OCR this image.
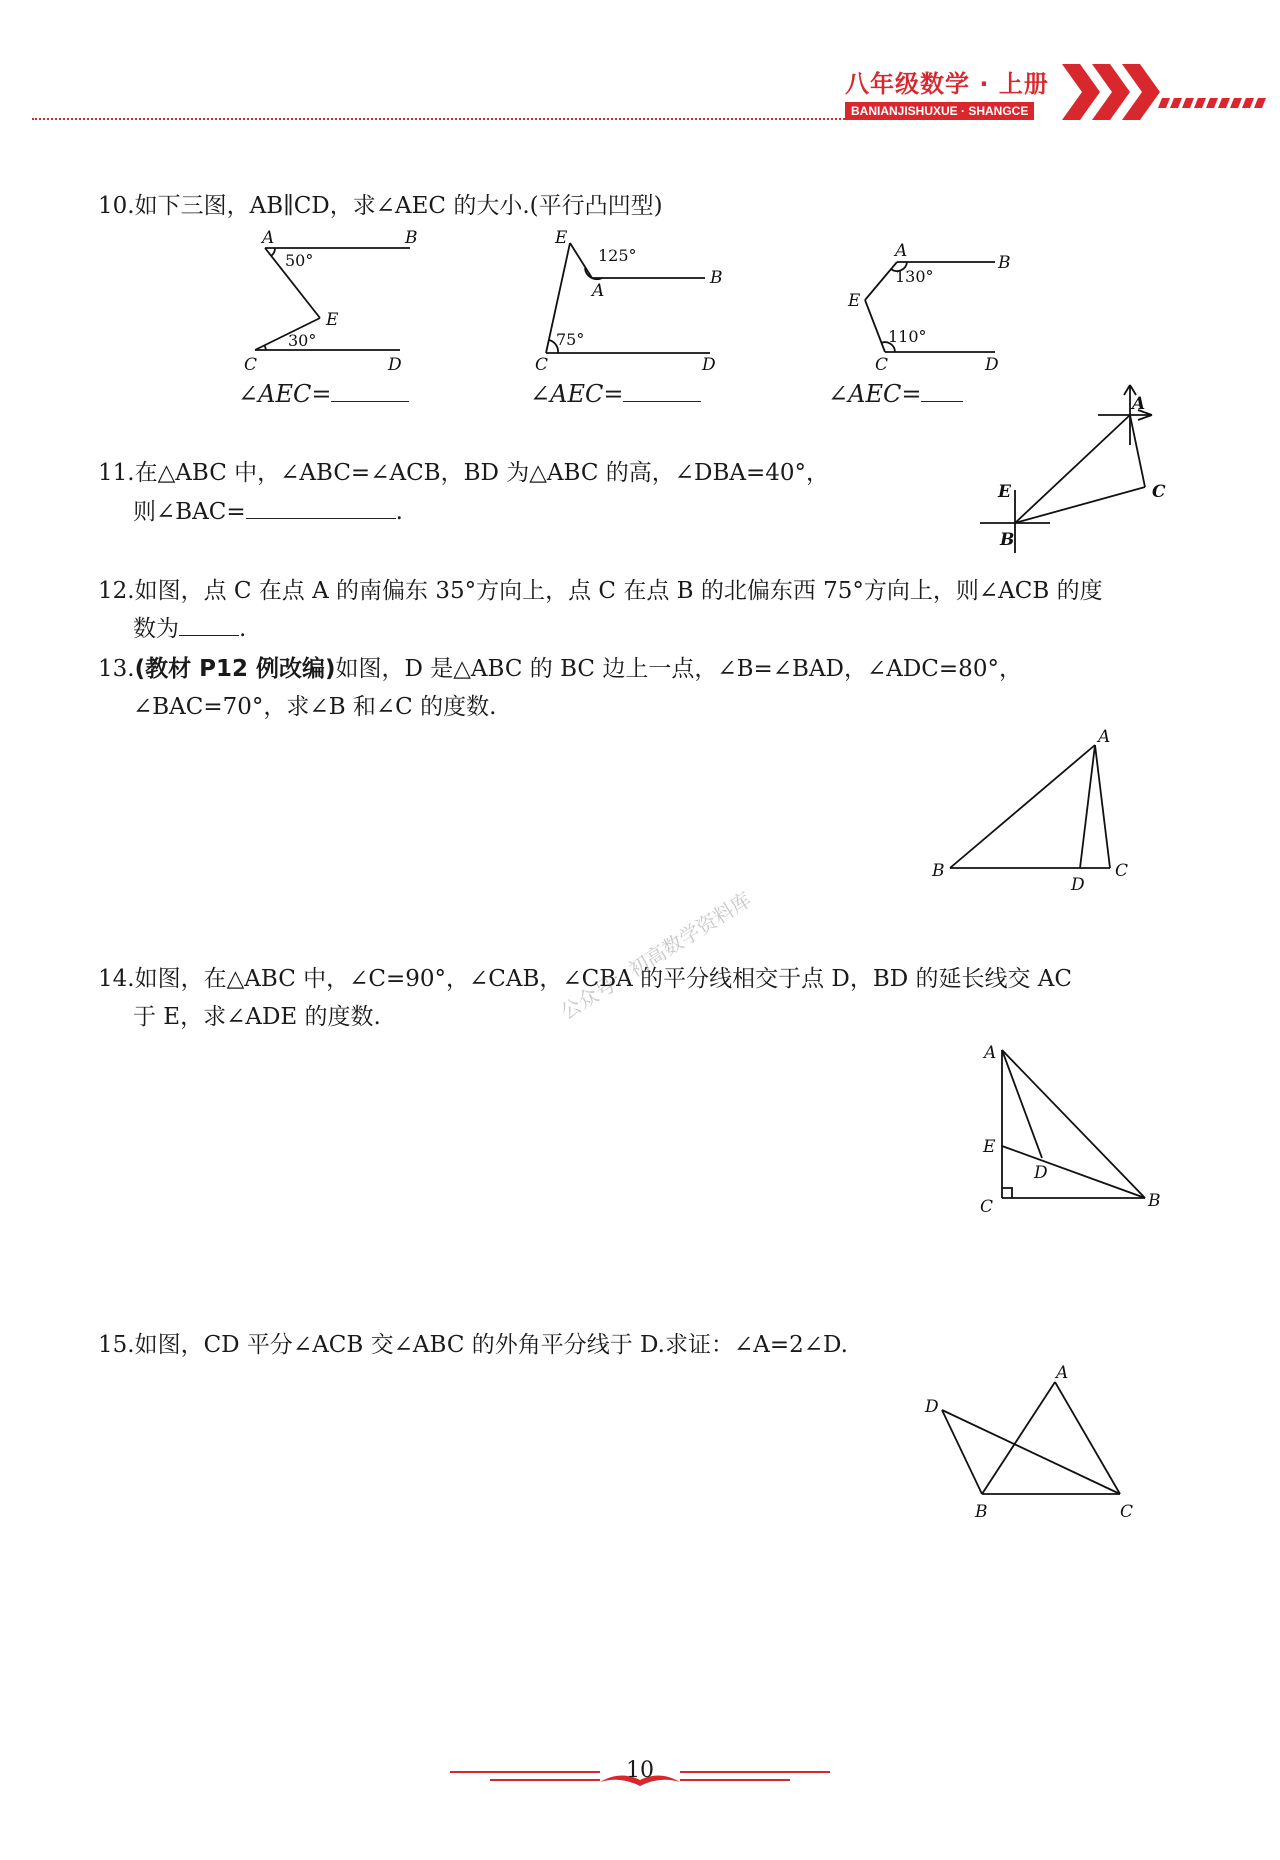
八年级数学 · 上册
BANIANJISHUXUE · SHANGCE
10.如下三图，AB∥CD，求∠AEC 的大小.(平行凸凹型)
A	B
E
C	D
50°
30°
∠AEC=
E
A
B
C	D
125°
75°
∠AEC=
A
B
E
C	D
130°
110°
∠AEC=
11.在△ABC 中，∠ABC=∠ACB，BD 为△ABC 的高，∠DBA=40°，
则∠BAC=	.
A
C
E
B
12.如图，点 C 在点 A 的南偏东 35°方向上，点 C 在点 B 的北偏东西 75°方向上，则∠ACB 的度
数为	.
13.(教材 P12 例改编)如图，D 是△ABC 的 BC 边上一点，∠B=∠BAD，∠ADC=80°，
∠BAC=70°，求∠B 和∠C 的度数.
A
B
D
C
公众号：初高数学资料库
14.如图，在△ABC 中，∠C=90°，∠CAB，∠CBA 的平分线相交于点 D，BD 的延长线交 AC
于 E，求∠ADE 的度数.
A
E
D
C	B
15.如图，CD 平分∠ACB 交∠ABC 的外角平分线于 D.求证：∠A=2∠D.
D
A
B	C
10
